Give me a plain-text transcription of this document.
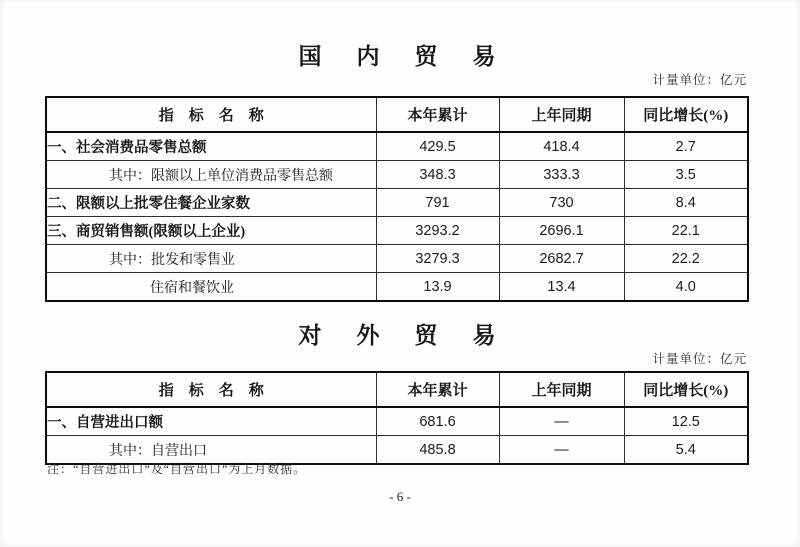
国　内　贸　易
计量单位：亿元
指　标　名　称	本年累计	上年同期	同比增长(%)
一、社会消费品零售总额	429.5	418.4	2.7
其中：限额以上单位消费品零售总额	348.3	333.3	3.5
二、限额以上批零住餐企业家数	791	730	8.4
三、商贸销售额(限额以上企业)	3293.2	2696.1	22.1
其中：批发和零售业	3279.3	2682.7	22.2
住宿和餐饮业	13.9	13.4	4.0
对　外　贸　易
计量单位：亿元
指　标　名　称	本年累计	上年同期	同比增长(%)
一、自营进出口额	681.6	—	12.5
其中：自营出口	485.8	—	5.4
注：“自营进出口”及“自营出口”为上月数据。
- 6 -
